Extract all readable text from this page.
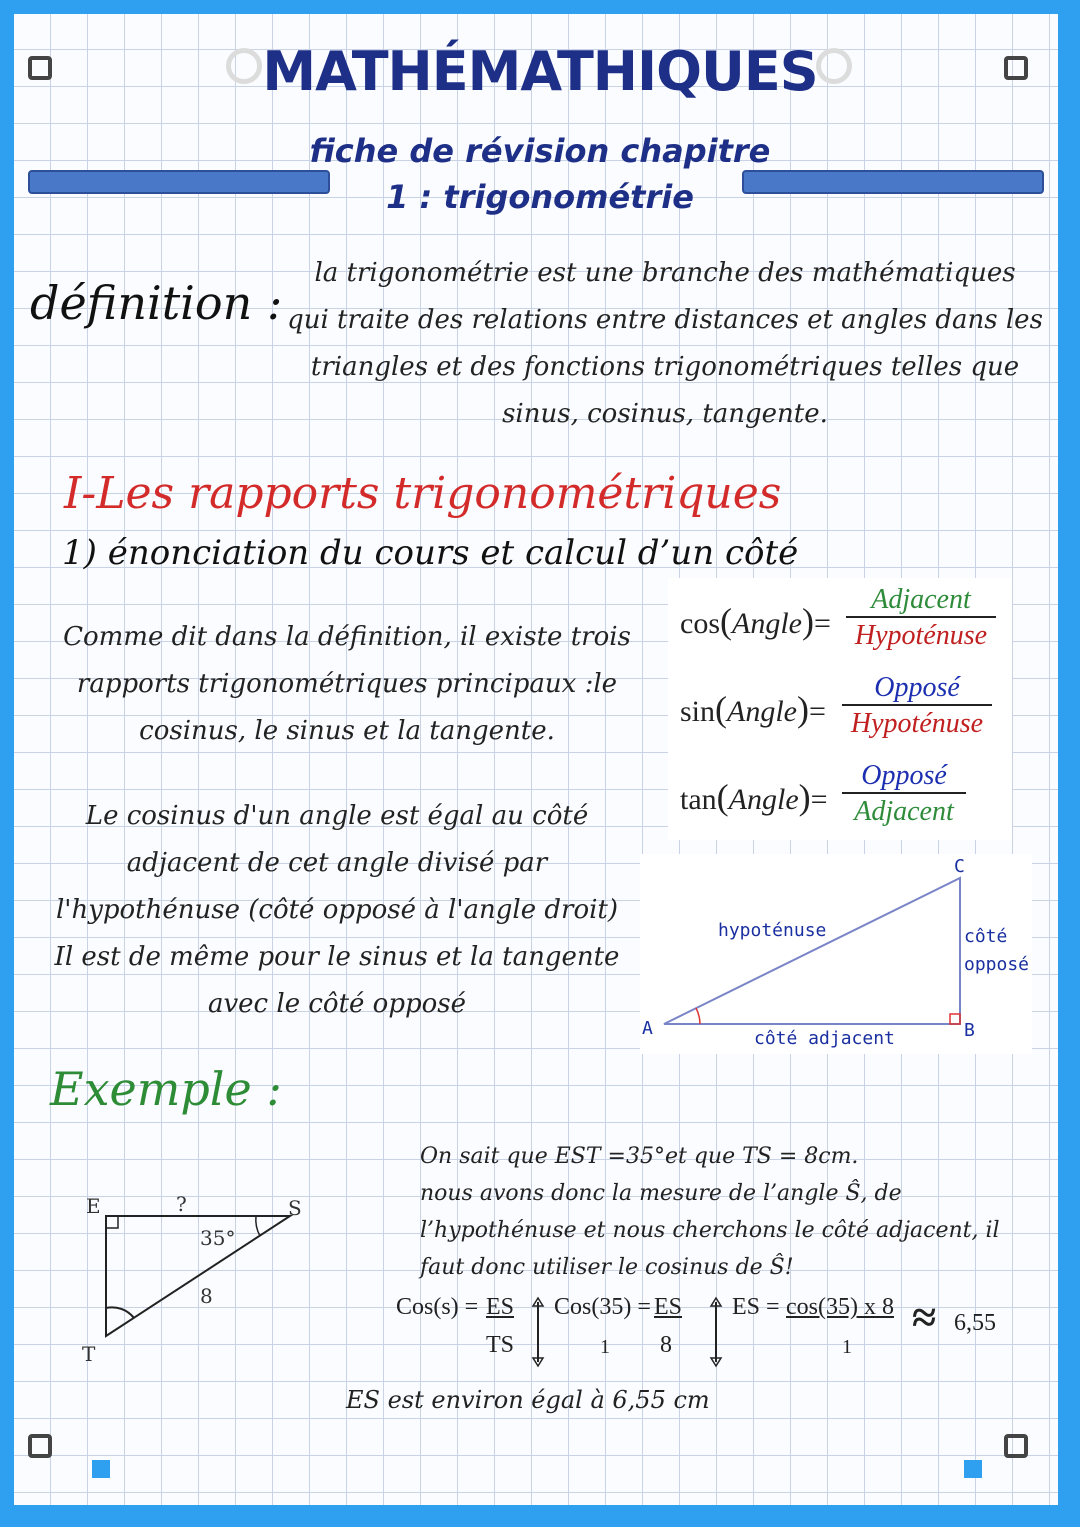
MATHÉMATHIQUES
fiche de révision chapitre
1 : trigonométrie
définition :
la trigonométrie est une branche des mathématiques
qui traite des relations entre distances et angles dans les
triangles et des fonctions trigonométriques telles que
sinus, cosinus, tangente.
I-Les rapports trigonométriques
1) énonciation du cours et calcul d’un côté
Comme dit dans la définition, il existe trois
rapports trigonométriques principaux :le
cosinus, le sinus et la tangente.
Le cosinus d'un angle est égal au côté
adjacent de cet angle divisé par
l'hypothénuse (côté opposé à l'angle droit)
Il est de même pour le sinus et la tangente
avec le côté opposé
cos(Angle)=
Adjacent
Hypoténuse
sin(Angle)=
Opposé
Hypoténuse
tan(Angle)=
Opposé
Adjacent
A	B
C
hypoténuse	côté
opposé
côté adjacent
Exemple :
E	S
T
?
35°
8
On sait que EST =35°et que TS = 8cm.
nous avons donc la mesure de l’angle Ŝ, de
l’hypothénuse et nous cherchons le côté adjacent, il
faut donc utiliser le cosinus de Ŝ!
Cos(s) = ES
TS
Cos(35) = ES
1 8
ES = cos(35) x 8
1
≈ 6,55
ES est environ égal à 6,55 cm
